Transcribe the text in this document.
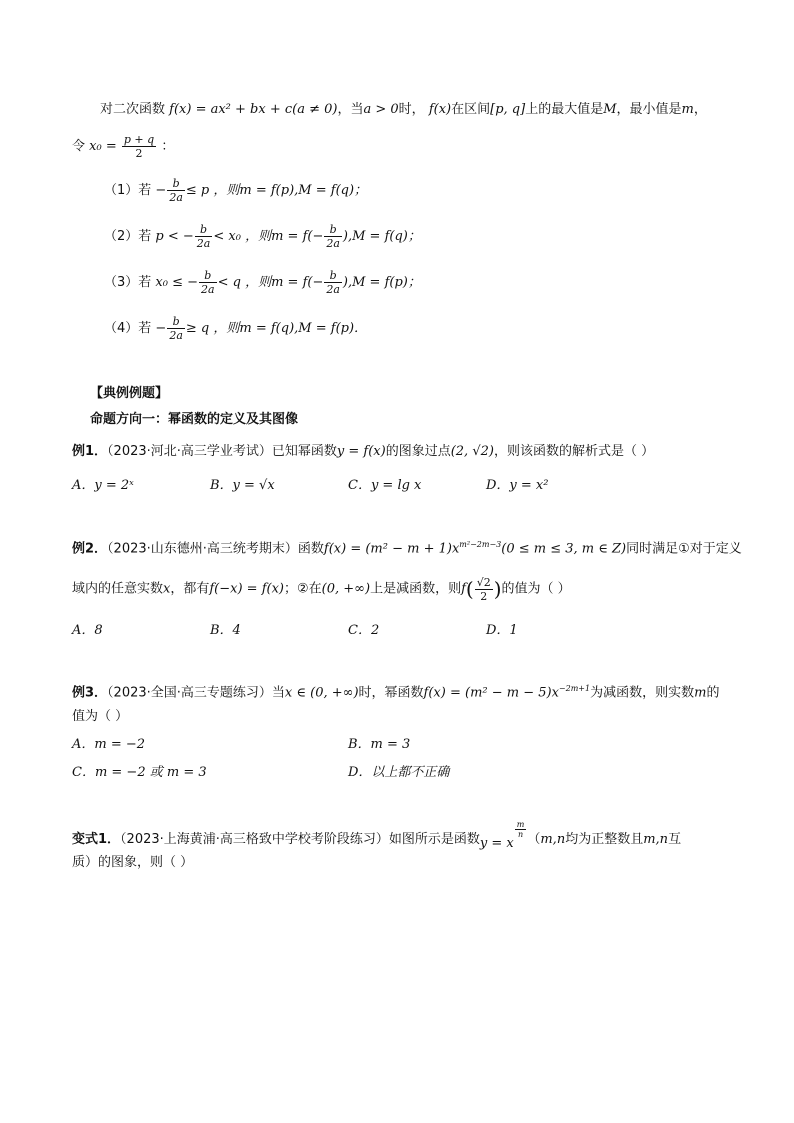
对二次函数 f(x) = ax² + bx + c(a ≠ 0)，当a > 0时， f(x)在区间[p, q]上的最大值是M，最小值是m，
令 $x_0 = \frac{p + q}{2}$ ：
（1）若 − $\frac{b}{2a} \le p$ ，则m = f(p),M = f(q)；
（2）若 p < − $\frac{b}{2a} < x_0$ ，则$m = f(- \frac{b}{2a} ),M = f(q)$；
（3）若 x₀ ≤ − $\frac{b}{2a} < q$ ，则$m = f(- \frac{b}{2a} ),M = f(p)$；
（4）若 − $\frac{b}{2a} \ge q$ ，则m = f(q),M = f(p)．
【典例例题】
命题方向一：幂函数的定义及其图像
例1．（2023·河北·高三学业考试）已知幂函数y = f(x)的图象过点(2, √2)，则该函数的解析式是（ ）
A．y = 2ˣ	B．y = √x	C．y = lg x	D．y = x²
例2．（2023·山东德州·高三统考期末）函数$f(x) = (m^2 - m + 1)x^{m^2-2m-3}(0 \le m \le 3$, m ∈ Z)同时满足①对于定义
域内的任意实数x，都有f(−x) = f(x)；②在(0, +∞)上是减函数，则$f( \frac{√2}{2}$ )的值为（ ）
A．8	B．4	C．2	D．1
例3．（2023·全国·高三专题练习）当x ∈ (0, +∞)时，幂函数$f(x) = (m^2 - m - 5)x^{-2m+1}$为减函数，则实数m的
值为（ ）
A．m = −2	B．m = 3
C．m = −2 或 m = 3	D．以上都不正确
变式1．（2023·上海黄浦·高三格致中学校考阶段练习）如图所示是函数y = x
$\frac{m}{n}$
（m,n均为正整数且m,n互
质）的图象，则（ ）
